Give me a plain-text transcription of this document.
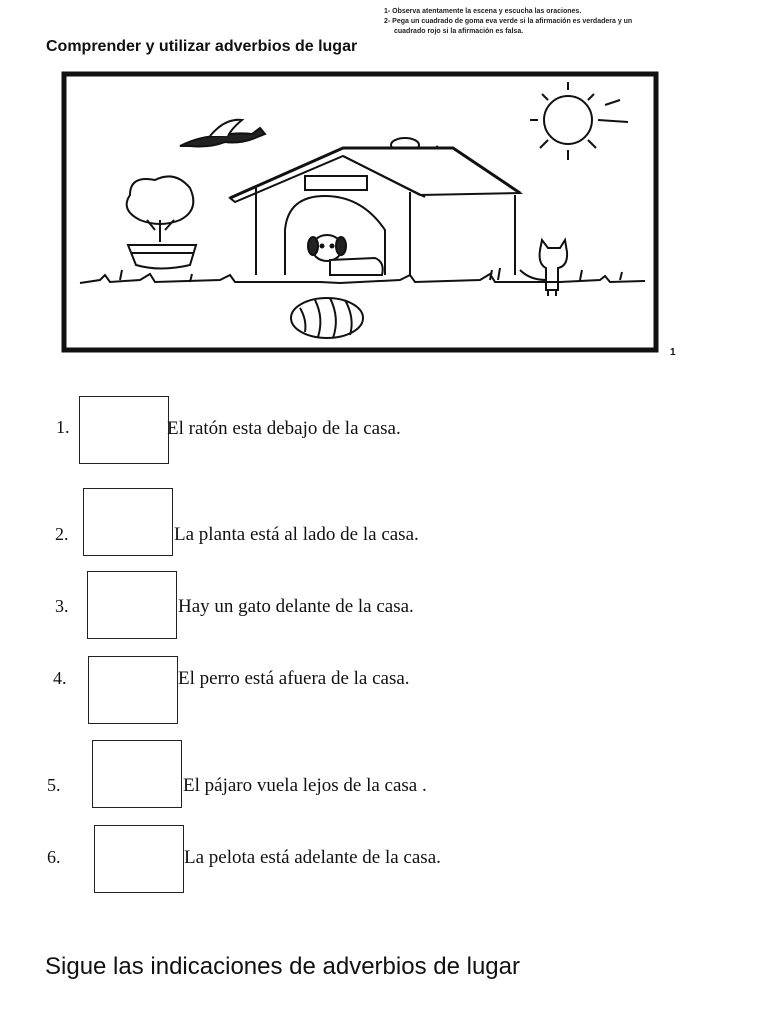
1- Observa atentamente la escena y escucha las oraciones.
2- Pega un cuadrado de goma eva verde si la afirmación es verdadera y un
cuadrado rojo si la afirmación es falsa.
Comprender y utilizar adverbios de lugar
1
1.	El ratón esta debajo de la casa.
2.	La planta está al lado de la casa.
3.	Hay un gato delante de la casa.
4.	El perro está afuera de la casa.
5.	El pájaro vuela lejos de la casa .
6.	La pelota está adelante de la casa.
Sigue las indicaciones de adverbios de lugar
